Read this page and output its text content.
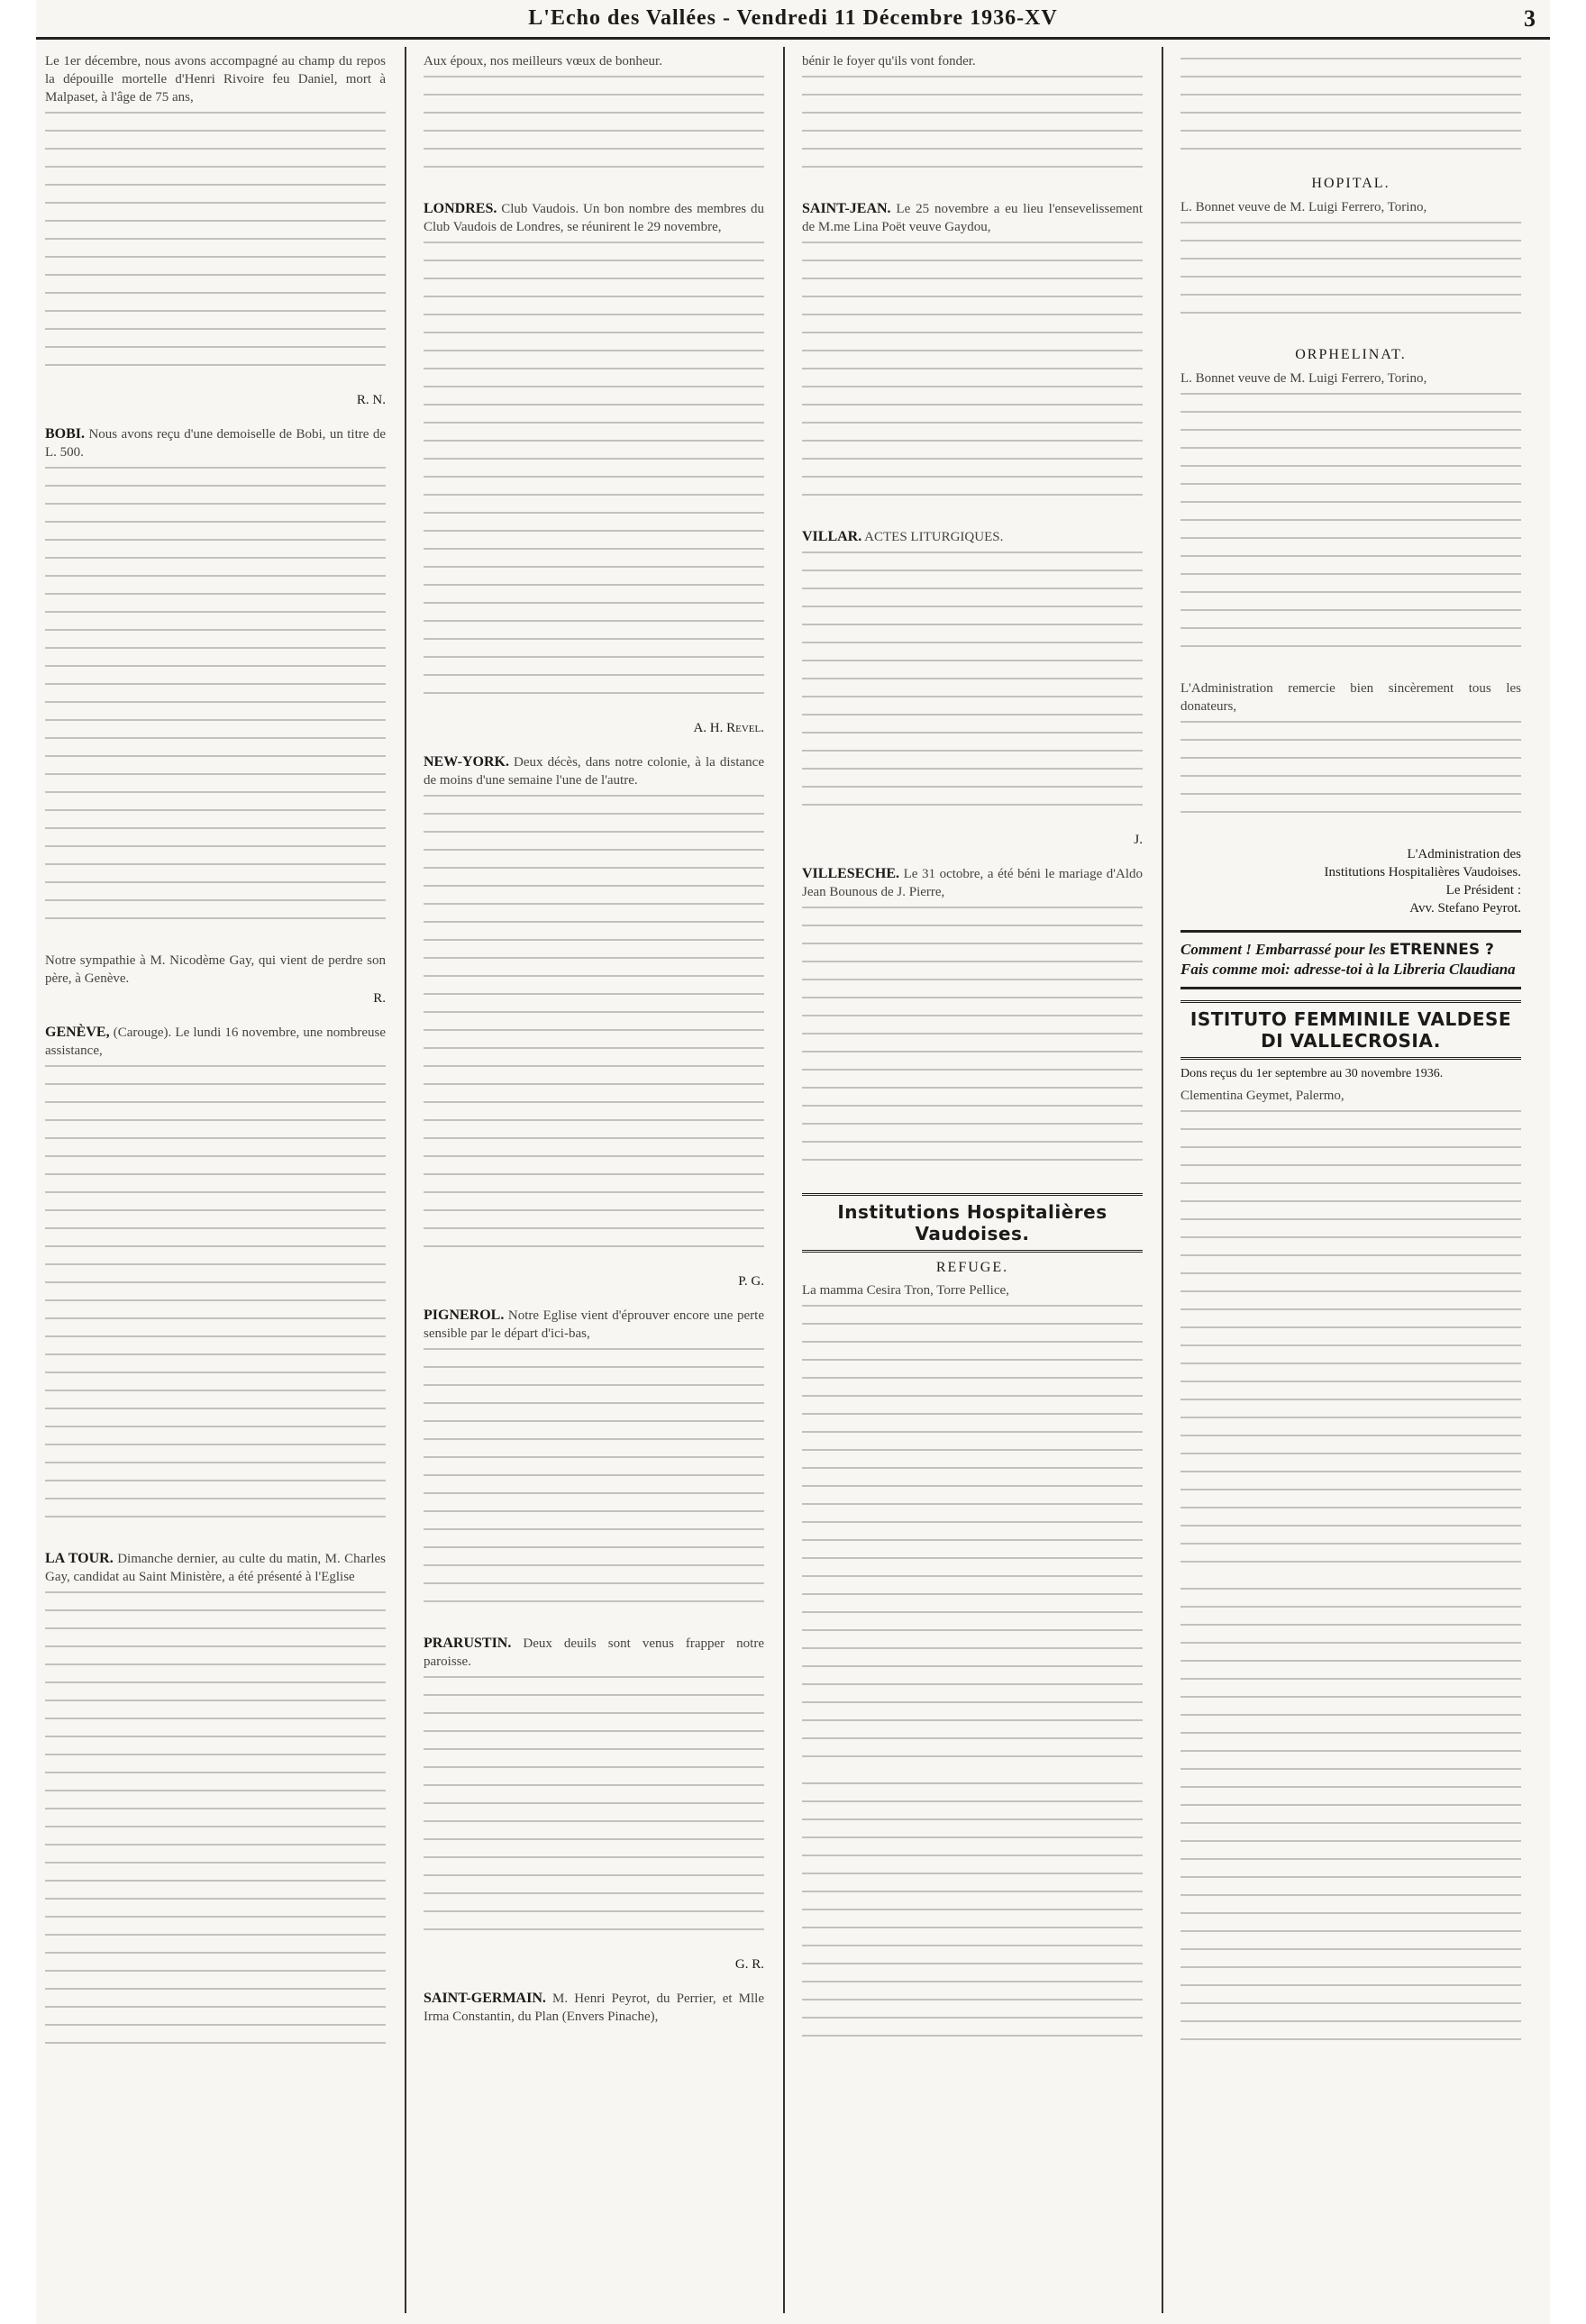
L'Echo des Vallées - Vendredi 11 Décembre 1936-XV	3
Le 1er décembre, nous avons accompagné au champ du repos la dépouille mortelle d'Henri Rivoire feu Daniel, mort à Malpaset, à l'âge de 75 ans,
R. N.
BOBI. Nous avons reçu d'une demoiselle de Bobi, un titre de L. 500.
Notre sympathie à M. Nicodème Gay, qui vient de perdre son père, à Genève.
R.
GENÈVE, (Carouge). Le lundi 16 novembre, une nombreuse assistance,
LA TOUR. Dimanche dernier, au culte du matin, M. Charles Gay, candidat au Saint Ministère, a été présenté à l'Eglise
Aux époux, nos meilleurs vœux de bonheur.
LONDRES. Club Vaudois. Un bon nombre des membres du Club Vaudois de Londres, se réunirent le 29 novembre,
A. H. Revel.
NEW-YORK. Deux décès, dans notre colonie, à la distance de moins d'une semaine l'une de l'autre.
P. G.
PIGNEROL. Notre Eglise vient d'éprouver encore une perte sensible par le départ d'ici-bas,
PRARUSTIN. Deux deuils sont venus frapper notre paroisse.
G. R.
SAINT-GERMAIN. M. Henri Peyrot, du Perrier, et Mlle Irma Constantin, du Plan (Envers Pinache),
bénir le foyer qu'ils vont fonder.
SAINT-JEAN. Le 25 novembre a eu lieu l'ensevelissement de M.me Lina Poët veuve Gaydou,
VILLAR. ACTES LITURGIQUES.
J.
VILLESECHE. Le 31 octobre, a été béni le mariage d'Aldo Jean Bounous de J. Pierre,
Institutions Hospitalières Vaudoises.
REFUGE.
La mamma Cesira Tron, Torre Pellice,
HOPITAL.
L. Bonnet veuve de M. Luigi Ferrero, Torino,
ORPHELINAT.
L. Bonnet veuve de M. Luigi Ferrero, Torino,
L'Administration remercie bien sincèrement tous les donateurs,
L'Administration des
Institutions Hospitalières Vaudoises.
Le Président :
Avv. Stefano Peyrot.
Comment ! Embarrassé pour les ETRENNES ? Fais comme moi: adresse-toi à la Libreria Claudiana
ISTITUTO FEMMINILE VALDESE DI VALLECROSIA.
Dons reçus du 1er septembre au 30 novembre 1936.
Clementina Geymet, Palermo,
